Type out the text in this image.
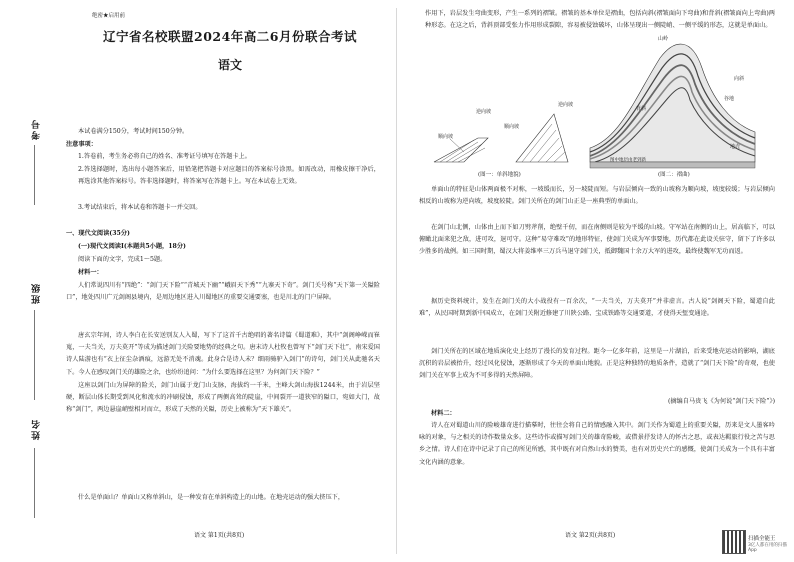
绝密★启用前
辽宁省名校联盟2024年高二6月份联合考试
语文
考号
班级
姓名

本试卷满分150分，考试时间150分钟。

注意事项：

1.答卷前，考生务必将自己的姓名、准考证号填写在答题卡上。

2.答选择题时，选出每小题答案后，用铅笔把答题卡对应题目的答案标号涂黑。如需改动，用橡皮擦干净后，再选涂其他答案标号。答非选择题时，将答案写在答题卡上。写在本试卷上无效。

3.考试结束后，将本试卷和答题卡一并交回。

一、现代文阅读(35分)

(一)现代文阅读Ⅰ(本题共5小题，18分)

阅读下面的文字，完成1～5题。

材料一：

人们常说四川有“四绝”：“剑门天下险”“青城天下幽”“峨眉天下秀”“九寨天下奇”。剑门关号称“天下第一关隘险口”，地处四川广元剑阁县境内，是周边地区进入川蜀地区的重要交通要塞，也是川北的门户屏障。

唐玄宗年间，诗人李白在长安送别友人入蜀，写下了这首千古绝唱的著名诗篇《蜀道难》，其中“剑阁峥嵘而崔嵬，一夫当关，万夫莫开”等成为描述剑门关险要地势的经典之句。唐末诗人杜牧也曾写下“剑门天下壮”，南宋爱国诗人陆游也有“衣上征尘杂酒痕，远游无处不消魂。此身合是诗人未？细雨骑驴入剑门”的诗句，剑门关从此驰名天下。今人在感叹剑门关的雄险之余，也纷纷追问：“为什么要选择在这里？为何剑门天下险？”

这座以剑门山为屏障的险关，剑门山属于龙门山支脉，海拔约一千米，主峰大剑山海拔1244米，由于岩层坚硬，断层山体长期受到风化和流水的冲刷侵蚀，形成了两侧高耸的陡崖，中间裂开一道狭窄的隘口，宛如大门，故称“剑门”，两边悬崖峭壁相对而立，形成了天然的关隘，历史上被称为“天下雄关”。

什么是单面山？单面山又称单斜山，是一种发育在单斜构造上的山地。在地壳运动的强大挤压下，

语文 第1页(共8页)

作用下，岩层发生弯曲变形，产生一系列的褶皱。褶皱的基本单位是褶曲，包括向斜(褶皱面向下弯曲)和背斜(褶皱面向上弯曲)两种形态。在这之后，背斜顶部受张力作用形成裂隙，容易被侵蚀破坏，山体呈现出一侧陡峭、一侧平缓的形态，这就是单面山。

顺向坡
逆向坡
顺向坡
逆向坡
山岭
背斜
谷地
向斜
地壳
图中地层由老到新
(图一：单斜地貌)	(图二：褶曲)

单面山的特征是山体两面极不对称，一坡缓而长，另一坡陡而短。与岩层倾向一致的山坡称为顺向坡，坡度较缓；与岩层倾向相反的山坡称为逆向坡，坡度较陡。剑门关所在的剑门山正是一座典型的单面山。

在剑门山北侧，山体由上而下如刀劈斧削，绝壁千仞，而在南侧则是较为平缓的山坡。守军站在南侧的山上，居高临下，可以俯瞰北面来犯之敌，进可攻，退可守。这种“易守难攻”的地形特征，使剑门关成为军事要地，历代都在此设关驻守，留下了许多以少胜多的战例。如三国时期，蜀汉大将姜维率三万兵马退守剑门关，抵御魏国十余万大军的进攻，最终使魏军无功而返。

据历史资料统计，发生在剑门关的大小战役有一百余次，“一夫当关，万夫莫开”并非虚言。古人说“剑阁天下险，蜀道自此难”，从民国时期到新中国成立，在剑门关附近修建了川陕公路、宝成铁路等交通要道，才使得天堑变通途。

剑门关所在的区域在地质演化史上经历了漫长的发育过程。距今一亿多年前，这里是一片湖泊，后来受地壳运动的影响，湖底沉积的岩层被抬升，经过风化侵蚀，逐渐形成了今天的单面山地貌。正是这种独特的地质条件，造就了“剑门天下险”的奇观，也使剑门关在军事上成为不可多得的天然屏障。

(摘编自马贵飞《为何说“剑门天下险”》)

材料二：

诗人在对蜀道山川的险峻雄奇进行描摹时，往往会将自己的情感融入其中。剑门关作为蜀道上的重要关隘，历来是文人墨客吟咏的对象，与之相关的诗作数量众多。这些诗作或描写剑门关的雄奇险峻，或借景抒发诗人的怀古之思，或表达羁旅行役之苦与思乡之情。诗人们在诗中记录了自己的所见所感，其中既有对自然山水的赞美，也有对历史兴亡的感慨，使剑门关成为一个具有丰富文化内涵的意象。

语文 第2页(共8页)	扫描全能王
3亿人都在用的扫描App
